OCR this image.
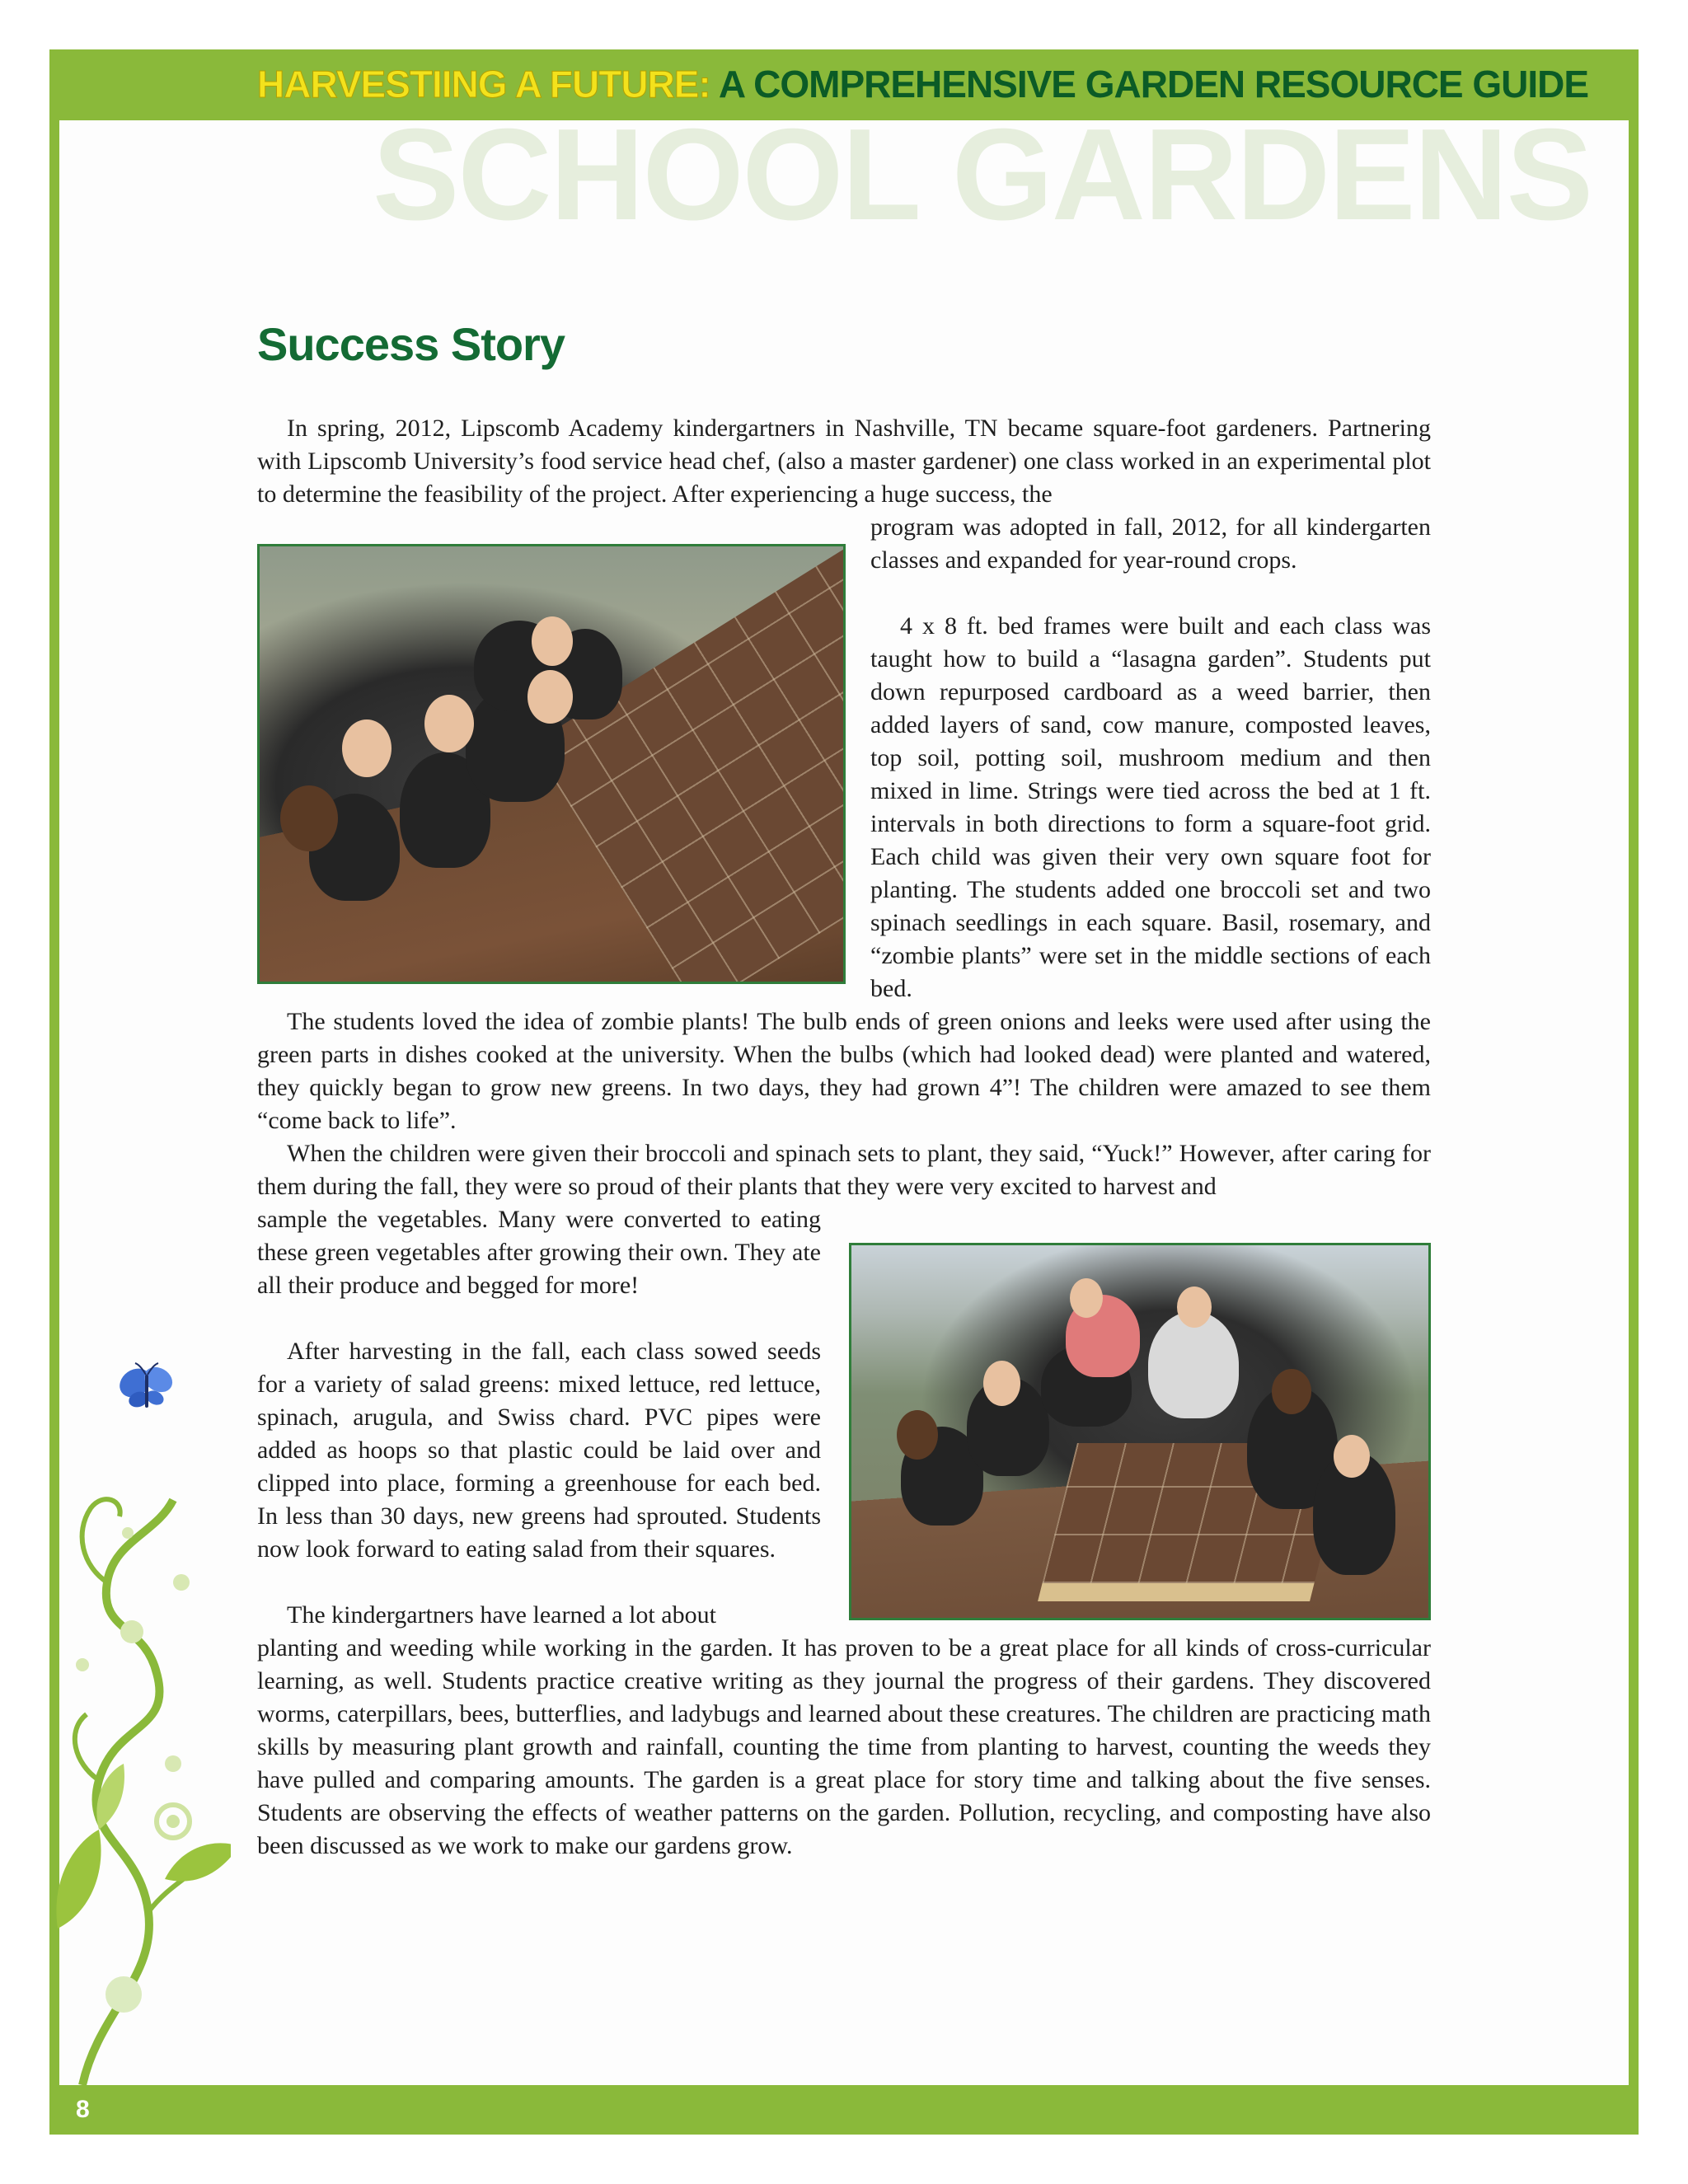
HARVESTIING A FUTURE: A COMPREHENSIVE GARDEN RESOURCE GUIDE
SCHOOL GARDENS
Success Story

In spring, 2012, Lipscomb Academy kindergartners in Nashville, TN became square-foot gardeners. Partnering with Lipscomb University’s food service head chef, (also a master gardener) one class worked in an experimental plot to determine the feasibility of the project. After experiencing a huge success, the

program was adopted in fall, 2012, for all kindergarten classes and expanded for year-round crops.

4 x 8 ft. bed frames were built and each class was taught how to build a “lasagna garden”. Students put down repurposed cardboard as a weed barrier, then added layers of sand, cow manure, composted leaves, top soil, potting soil, mushroom medium and then mixed in lime. Strings were tied across the bed at 1 ft. intervals in both directions to form a square-foot grid. Each child was given their very own square foot for planting. The students added one broccoli set and two spinach seedlings in each square. Basil, rosemary, and “zombie plants” were set in the middle sections of each bed.

The students loved the idea of zombie plants! The bulb ends of green onions and leeks were used after using the green parts in dishes cooked at the university. When the bulbs (which had looked dead) were planted and watered, they quickly began to grow new greens. In two days, they had grown 4”! The children were amazed to see them “come back to life”.

When the children were given their broccoli and spinach sets to plant, they said, “Yuck!” However, after caring for them during the fall, they were so proud of their plants that they were very excited to harvest and

sample the vegetables. Many were converted to eating these green vegetables after growing their own. They ate all their produce and begged for more!

After harvesting in the fall, each class sowed seeds for a variety of salad greens: mixed lettuce, red lettuce, spinach, arugula, and Swiss chard. PVC pipes were added as hoops so that plastic could be laid over and clipped into place, forming a greenhouse for each bed. In less than 30 days, new greens had sprouted. Students now look forward to eating salad from their squares.

The kindergartners have learned a lot about

planting and weeding while working in the garden. It has proven to be a great place for all kinds of cross-curricular learning, as well. Students practice creative writing as they journal the progress of their gardens. They discovered worms, caterpillars, bees, butterflies, and ladybugs and learned about these creatures. The children are practicing math skills by measuring plant growth and rainfall, counting the time from planting to harvest, counting the weeds they have pulled and comparing amounts. The garden is a great place for story time and talking about the five senses. Students are observing the effects of weather patterns on the garden. Pollution, recycling, and composting have also been discussed as we work to make our gardens grow.

8
